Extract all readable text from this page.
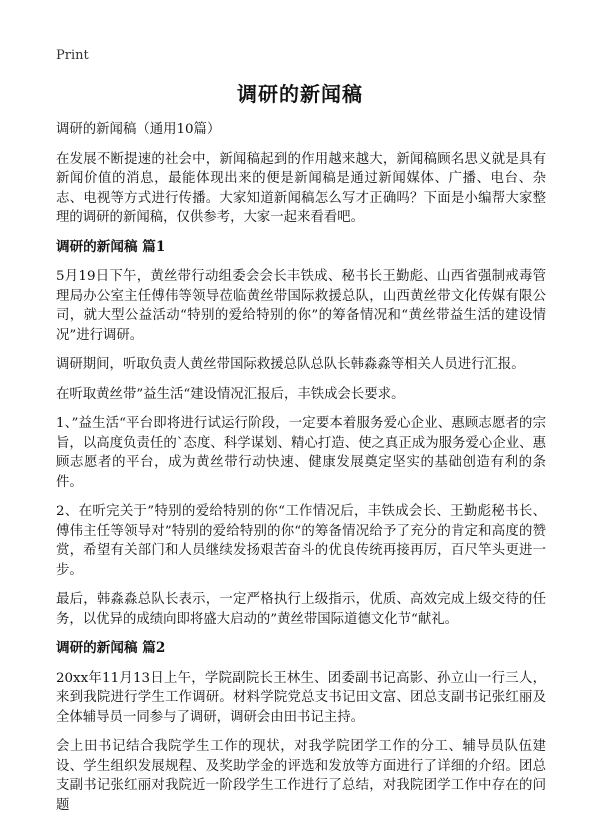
Print
调研的新闻稿

调研的新闻稿（通用10篇）

在发展不断提速的社会中，新闻稿起到的作用越来越大，新闻稿顾名思义就是具有新闻价值的消息，最能体现出来的便是新闻稿是通过新闻媒体、广播、电台、杂志、电视等方式进行传播。大家知道新闻稿怎么写才正确吗？下面是小编帮大家整理的调研的新闻稿，仅供参考，大家一起来看看吧。

调研的新闻稿 篇1

5月19日下午，黄丝带行动组委会会长丰铁成、秘书长王勤彪、山西省强制戒毒管理局办公室主任傅伟等领导莅临黄丝带国际救援总队，山西黄丝带文化传媒有限公司，就大型公益活动“特别的爱给特别的你”的筹备情况和“黄丝带益生活的建设情况”进行调研。

调研期间，听取负责人黄丝带国际救援总队总队长韩淼淼等相关人员进行汇报。

在听取黄丝带”益生活“建设情况汇报后，丰铁成会长要求。

1、”益生活“平台即将进行试运行阶段，一定要本着服务爱心企业、惠顾志愿者的宗旨，以高度负责任的`态度、科学谋划、精心打造、使之真正成为服务爱心企业、惠顾志愿者的平台，成为黄丝带行动快速、健康发展奠定坚实的基础创造有利的条件。

2、在听完关于”特别的爱给特别的你“工作情况后，丰铁成会长、王勤彪秘书长、傅伟主任等领导对”特别的爱给特别的你“的筹备情况给予了充分的肯定和高度的赞赏，希望有关部门和人员继续发扬艰苦奋斗的优良传统再接再厉，百尺竿头更进一步。

最后，韩淼淼总队长表示，一定严格执行上级指示，优质、高效完成上级交待的任务，以优异的成绩向即将盛大启动的”黄丝带国际道德文化节“献礼。

调研的新闻稿 篇2

20xx年11月13日上午，学院副院长王林生、团委副书记高影、孙立山一行三人，来到我院进行学生工作调研。材料学院党总支书记田文富、团总支副书记张红丽及全体辅导员一同参与了调研，调研会由田书记主持。

会上田书记结合我院学生工作的现状，对我学院团学工作的分工、辅导员队伍建设、学生组织发展规程、及奖助学金的评选和发放等方面进行了详细的介绍。团总支副书记张红丽对我院近一阶段学生工作进行了总结，对我院团学工作中存在的问题
